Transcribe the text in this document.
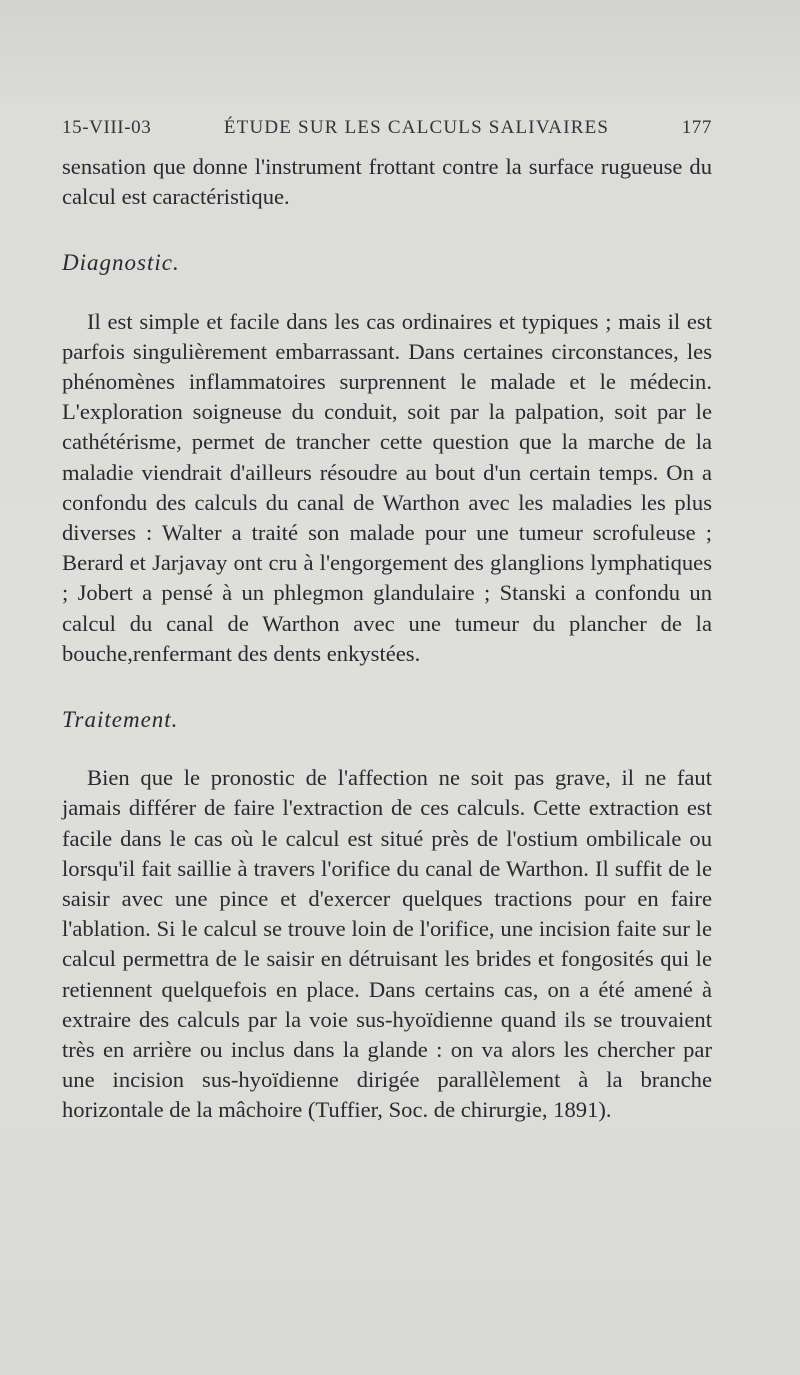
15-VIII-03	ÉTUDE SUR LES CALCULS SALIVAIRES	177

sensation que donne l'instrument frottant contre la surface rugueuse du calcul est caractéristique.

Diagnostic.

Il est simple et facile dans les cas ordinaires et typiques ; mais il est parfois singulièrement embarrassant. Dans certaines circonstances, les phénomènes inflammatoires surprennent le malade et le médecin. L'exploration soigneuse du conduit, soit par la palpation, soit par le cathétérisme, permet de trancher cette question que la marche de la maladie viendrait d'ailleurs résoudre au bout d'un certain temps. On a confondu des calculs du canal de Warthon avec les maladies les plus diverses : Walter a traité son malade pour une tumeur scrofuleuse ; Berard et Jarjavay ont cru à l'engorgement des glanglions lymphatiques ; Jobert a pensé à un phlegmon glandulaire ; Stanski a confondu un calcul du canal de Warthon avec une tumeur du plancher de la bouche,renfermant des dents enkystées.

Traitement.

Bien que le pronostic de l'affection ne soit pas grave, il ne faut jamais différer de faire l'extraction de ces calculs. Cette extraction est facile dans le cas où le calcul est situé près de l'ostium ombilicale ou lorsqu'il fait saillie à travers l'orifice du canal de Warthon. Il suffit de le saisir avec une pince et d'exercer quelques tractions pour en faire l'ablation. Si le calcul se trouve loin de l'orifice, une incision faite sur le calcul permettra de le saisir en détruisant les brides et fongosités qui le retiennent quelquefois en place. Dans certains cas, on a été amené à extraire des calculs par la voie sus-hyoïdienne quand ils se trouvaient très en arrière ou inclus dans la glande : on va alors les chercher par une incision sus-hyoïdienne dirigée parallèlement à la branche horizontale de la mâchoire (Tuffier, Soc. de chirurgie, 1891).
